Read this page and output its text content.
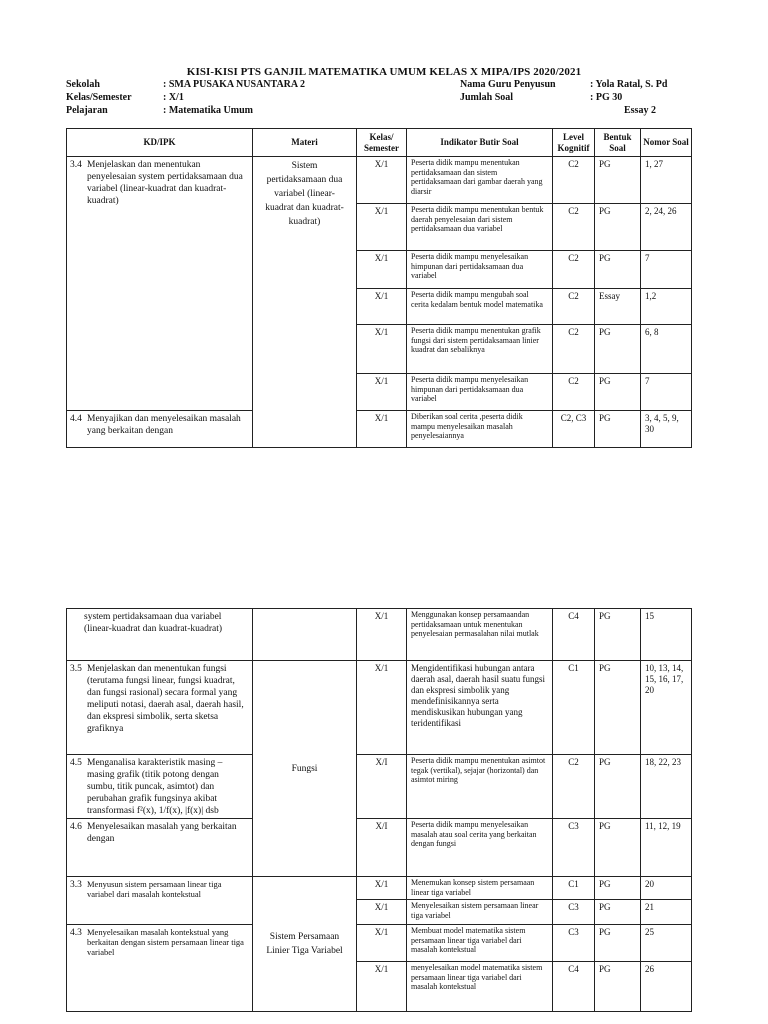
KISI-KISI PTS GANJIL MATEMATIKA UMUM KELAS X MIPA/IPS 2020/2021
Sekolah	: SMA PUSAKA NUSANTARA 2
Kelas/Semester	: X/1
Pelajaran	: Matematika Umum
Nama Guru Penyusun	: Yola Ratal, S. Pd
Jumlah Soal	: PG 30
Essay 2
KD/IPK	Materi	Kelas/ Semester	Indikator Butir Soal	Level Kognitif	Bentuk Soal	Nomor Soal
3.4 Menjelaskan dan menentukan penyelesaian system pertidaksamaan dua variabel (linear-kuadrat dan kuadrat-kuadrat)	Sistem pertidaksamaan dua variabel (linear-kuadrat dan kuadrat-kuadrat)	X/1	Peserta didik mampu menentukan pertidaksamaan dan sistem pertidaksamaan dari gambar daerah yang diarsir	C2	PG	1, 27
		X/1	Peserta didik mampu menentukan bentuk daerah penyelesaian dari sistem pertidaksamaan dua variabel	C2	PG	2, 24, 26
		X/1	Peserta didik mampu menyelesaikan himpunan dari pertidaksamaan dua variabel	C2	PG	7
		X/1	Peserta didik mampu mengubah soal cerita kedalam bentuk model matematika	C2	Essay	1,2
		X/1	Peserta didik mampu menentukan grafik fungsi dari sistem pertidaksamaan linier kuadrat dan sebaliknya	C2	PG	6, 8
		X/1	Peserta didik mampu menyelesaikan himpunan dari pertidaksamaan dua variabel	C2	PG	7
4.4 Menyajikan dan menyelesaikan masalah yang berkaitan dengan		X/1	Diberikan soal cerita ,peserta didik mampu menyelesaikan masalah penyelesaiannya	C2, C3	PG	3, 4, 5, 9, 30
system pertidaksamaan dua variabel (linear-kuadrat dan kuadrat-kuadrat)		X/1	Menggunakan konsep persamaandan pertidaksamaan untuk menentukan penyelesaian permasalahan nilai mutlak	C4	PG	15
3.5 Menjelaskan dan menentukan fungsi (terutama fungsi linear, fungsi kuadrat, dan fungsi rasional) secara formal yang meliputi notasi, daerah asal, daerah hasil, dan ekspresi simbolik, serta sketsa grafiknya	Fungsi	X/1	Mengidentifikasi hubungan antara daerah asal, daerah hasil suatu fungsi dan ekspresi simbolik yang mendefinisikannya serta mendiskusikan hubungan yang teridentifikasi	C1	PG	10, 13, 14, 15, 16, 17, 20
4.5 Menganalisa karakteristik masing – masing grafik (titik potong dengan sumbu, titik puncak, asimtot) dan perubahan grafik fungsinya akibat transformasi f²(x), 1/f(x), |f(x)| dsb		X/I	Peserta didik mampu menentukan asimtot tegak (vertikal), sejajar (horizontal) dan asimtot miring	C2	PG	18, 22, 23
4.6 Menyelesaikan masalah yang berkaitan dengan		X/I	Peserta didik mampu menyelesaikan masalah atau soal cerita yang berkaitan dengan fungsi	C3	PG	11, 12, 19
3.3 Menyusun sistem persamaan linear tiga variabel dari masalah kontekstual	Sistem Persamaan Linier Tiga Variabel	X/1	Menemukan konsep sistem persamaan linear tiga variabel	C1	PG	20
		X/1	Menyelesaikan sistem persamaan linear tiga variabel	C3	PG	21
4.3 Menyelesaikan masalah kontekstual yang berkaitan dengan sistem persamaan linear tiga variabel		X/1	Membuat model matematika sistem persamaan linear tiga variabel dari masalah kontekstual	C3	PG	25
		X/1	menyelesaikan model matematika sistem persamaan linear tiga variabel dari masalah kontekstual	C4	PG	26
